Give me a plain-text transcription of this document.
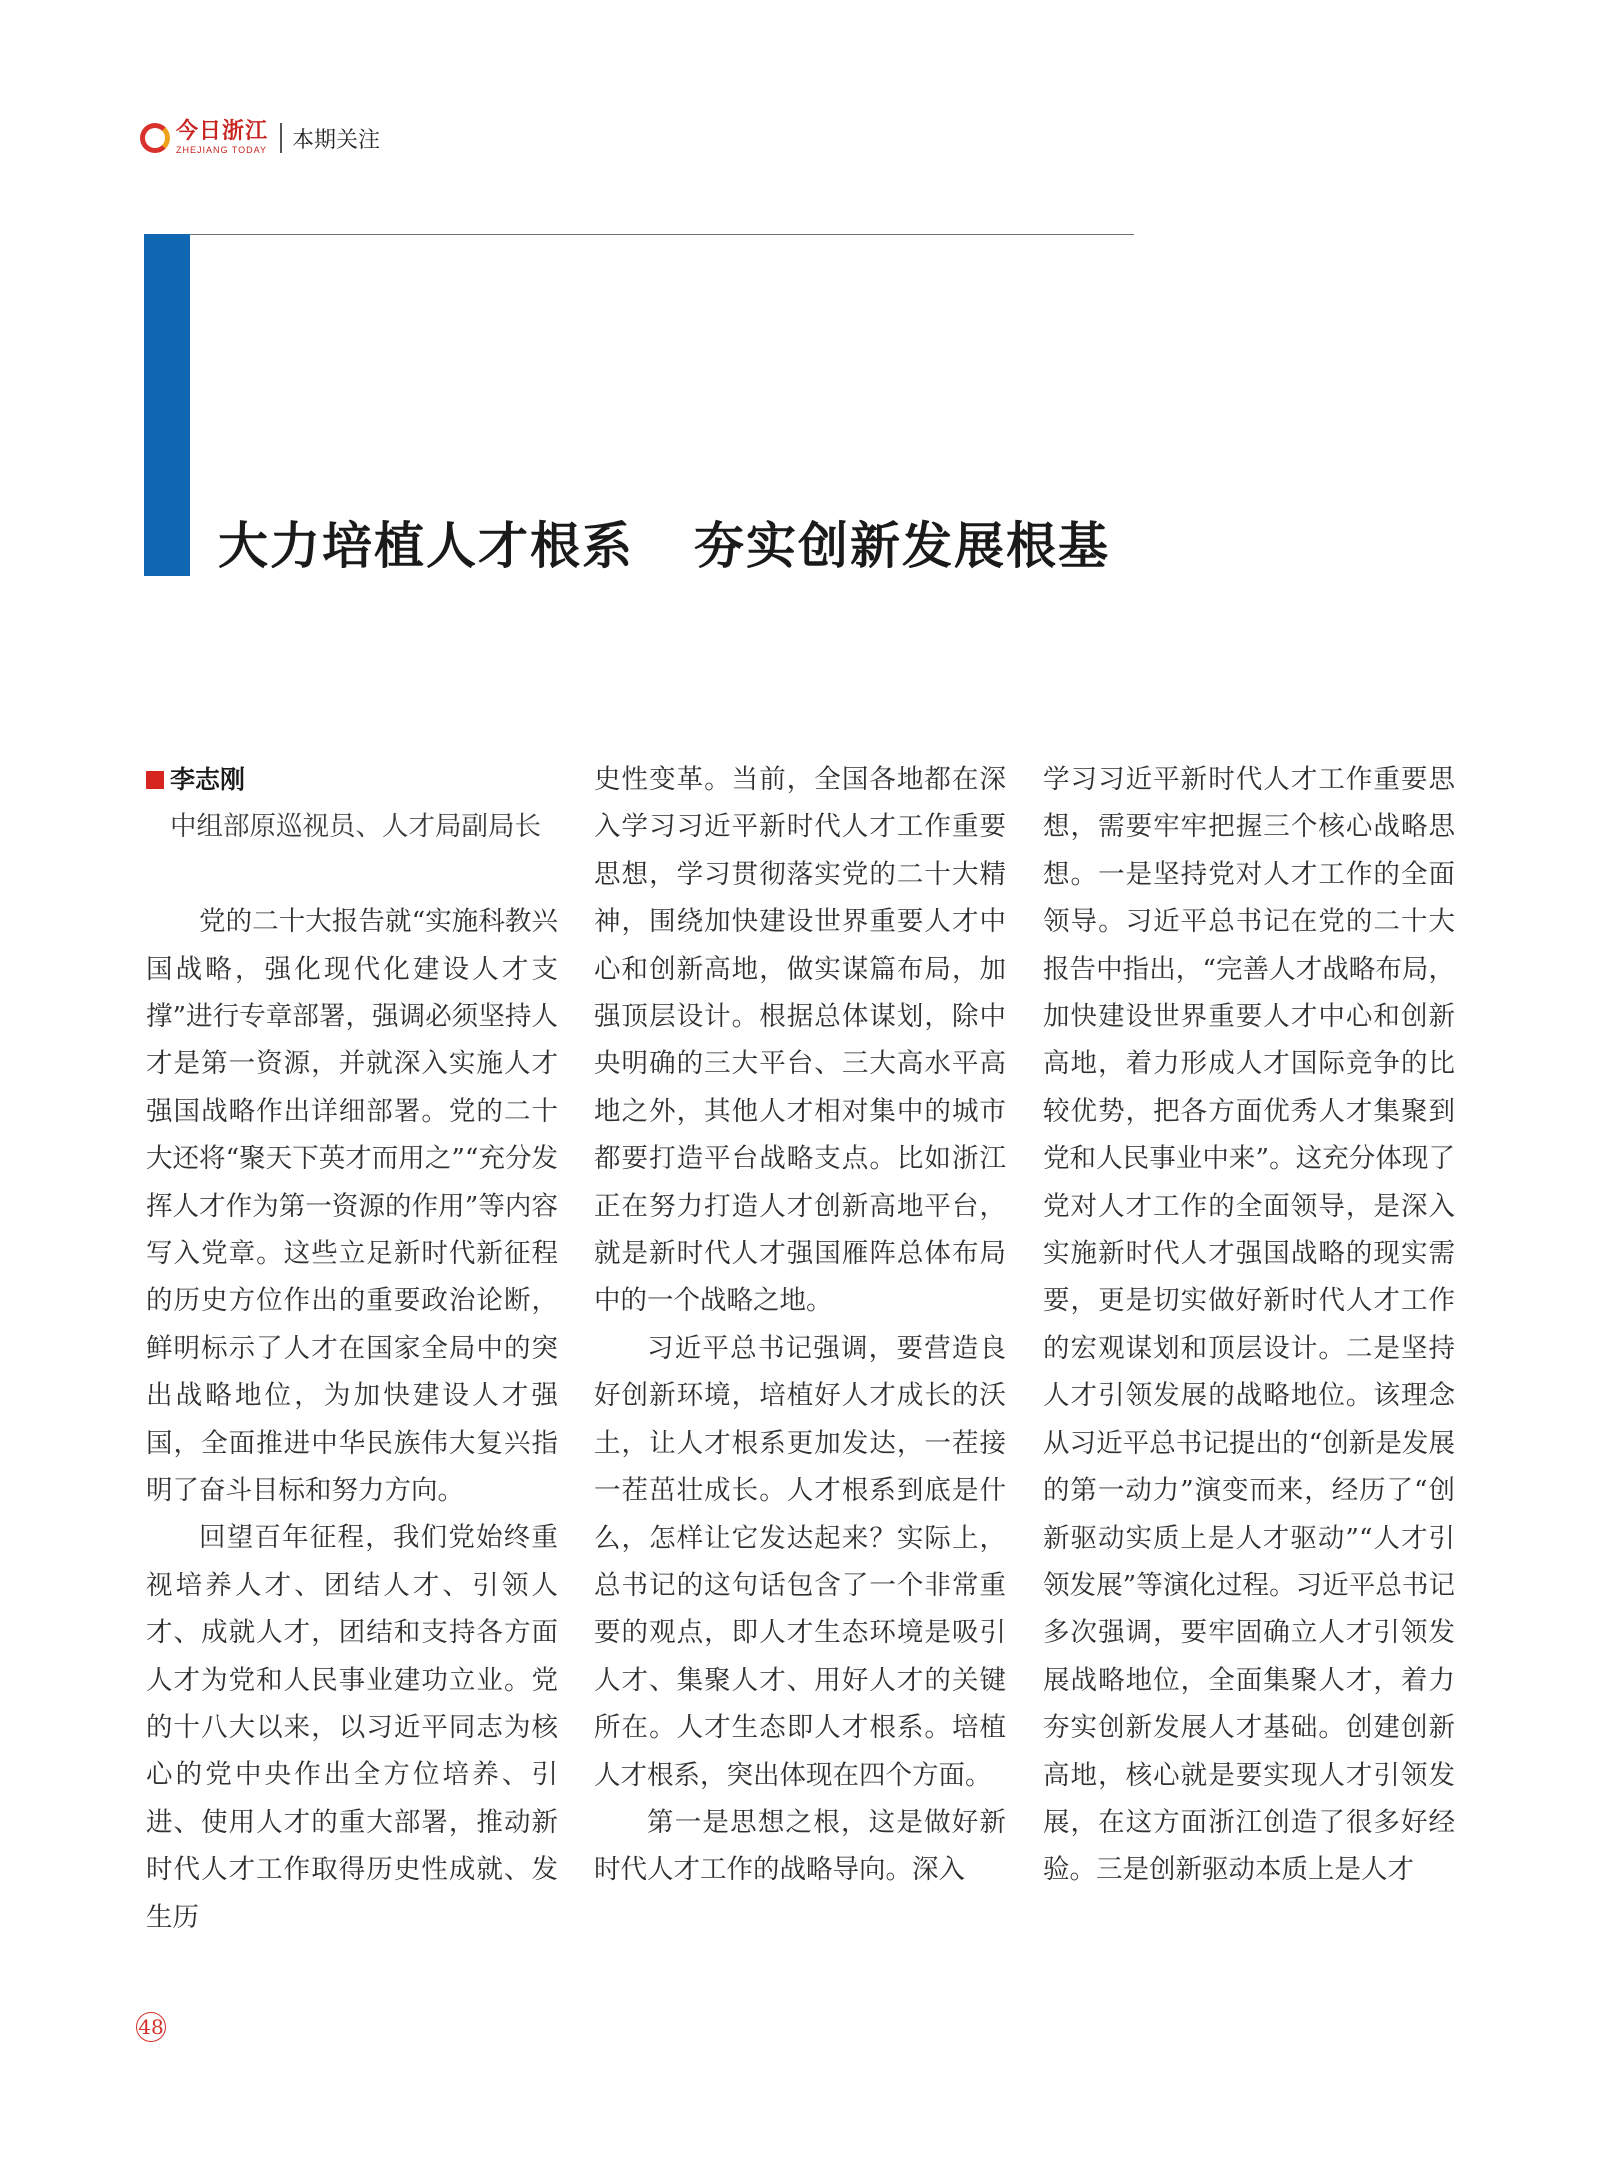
今日浙江
ZHEJIANG TODAY 本期关注
大力培植人才根系 夯实创新发展根基
李志刚

中组部原巡视员、人才局副局长

党的二十大报告就“实施科教兴国战略，强化现代化建设人才支撑”进行专章部署，强调必须坚持人才是第一资源，并就深入实施人才强国战略作出详细部署。党的二十大还将“聚天下英才而用之”“充分发挥人才作为第一资源的作用”等内容写入党章。这些立足新时代新征程的历史方位作出的重要政治论断，鲜明标示了人才在国家全局中的突出战略地位，为加快建设人才强国，全面推进中华民族伟大复兴指明了奋斗目标和努力方向。

回望百年征程，我们党始终重视培养人才、团结人才、引领人才、成就人才，团结和支持各方面人才为党和人民事业建功立业。党的十八大以来，以习近平同志为核心的党中央作出全方位培养、引进、使用人才的重大部署，推动新时代人才工作取得历史性成就、发生历

史性变革。当前，全国各地都在深入学习习近平新时代人才工作重要思想，学习贯彻落实党的二十大精神，围绕加快建设世界重要人才中心和创新高地，做实谋篇布局，加强顶层设计。根据总体谋划，除中央明确的三大平台、三大高水平高地之外，其他人才相对集中的城市都要打造平台战略支点。比如浙江正在努力打造人才创新高地平台，就是新时代人才强国雁阵总体布局中的一个战略之地。

习近平总书记强调，要营造良好创新环境，培植好人才成长的沃土，让人才根系更加发达，一茬接一茬茁壮成长。人才根系到底是什么，怎样让它发达起来？实际上，总书记的这句话包含了一个非常重要的观点，即人才生态环境是吸引人才、集聚人才、用好人才的关键所在。人才生态即人才根系。培植人才根系，突出体现在四个方面。

第一是思想之根，这是做好新时代人才工作的战略导向。深入

学习习近平新时代人才工作重要思想，需要牢牢把握三个核心战略思想。一是坚持党对人才工作的全面领导。习近平总书记在党的二十大报告中指出，“完善人才战略布局，加快建设世界重要人才中心和创新高地，着力形成人才国际竞争的比较优势，把各方面优秀人才集聚到党和人民事业中来”。这充分体现了党对人才工作的全面领导，是深入实施新时代人才强国战略的现实需要，更是切实做好新时代人才工作的宏观谋划和顶层设计。二是坚持人才引领发展的战略地位。该理念从习近平总书记提出的“创新是发展的第一动力”演变而来，经历了“创新驱动实质上是人才驱动”“人才引领发展”等演化过程。习近平总书记多次强调，要牢固确立人才引领发展战略地位，全面集聚人才，着力夯实创新发展人才基础。创建创新高地，核心就是要实现人才引领发展，在这方面浙江创造了很多好经验。三是创新驱动本质上是人才

48
